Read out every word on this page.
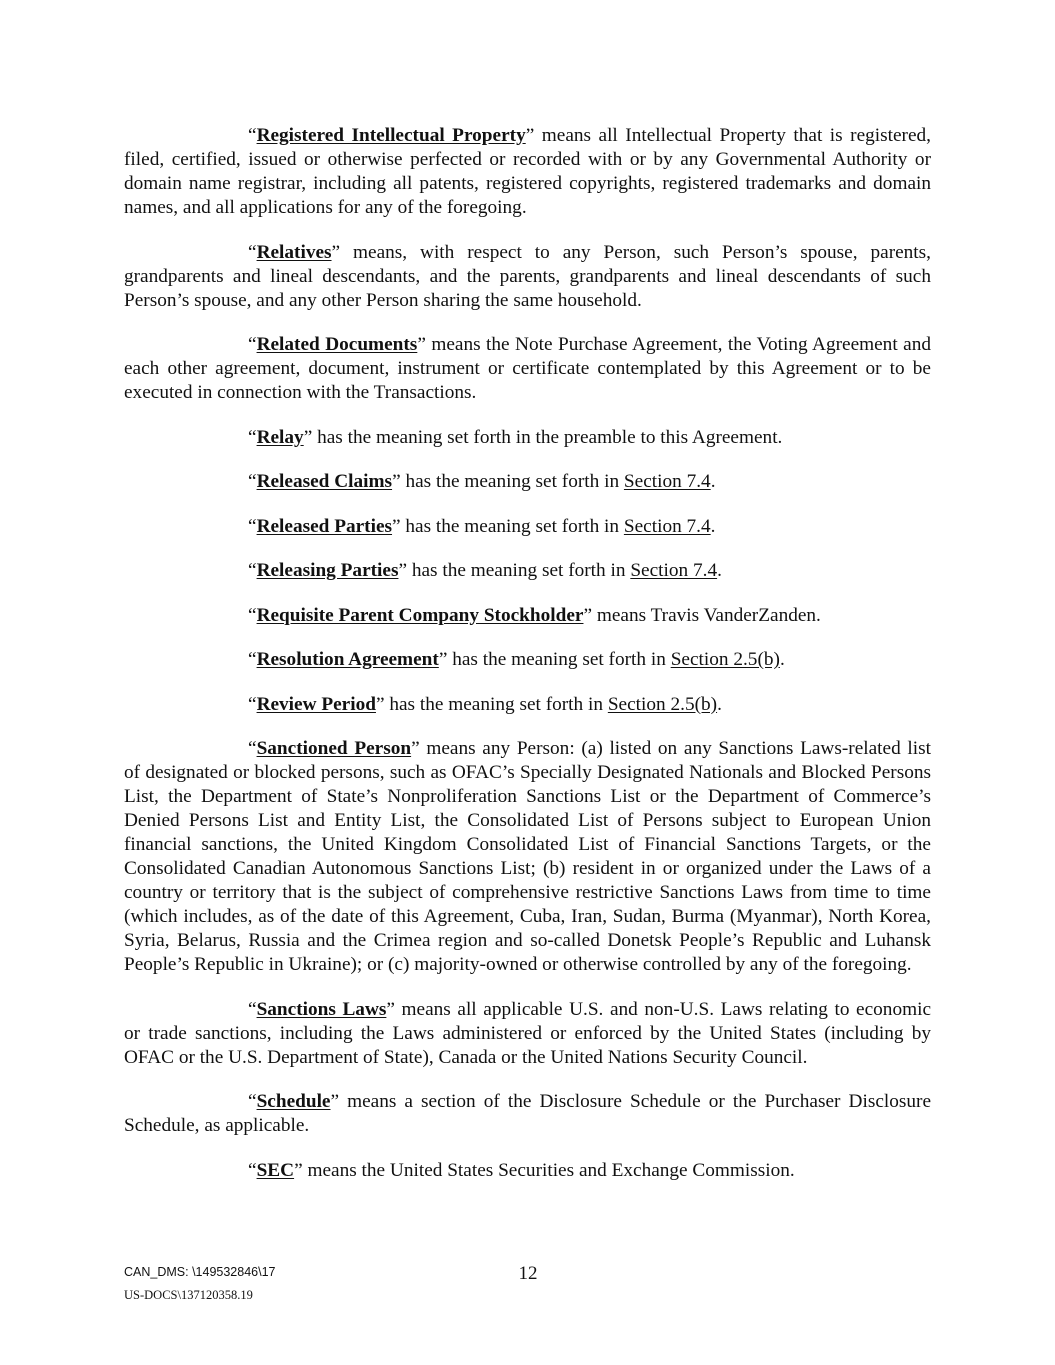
“Registered Intellectual Property” means all Intellectual Property that is registered, filed, certified, issued or otherwise perfected or recorded with or by any Governmental Authority or domain name registrar, including all patents, registered copyrights, registered trademarks and domain names, and all applications for any of the foregoing.

“Relatives” means, with respect to any Person, such Person’s spouse, parents, grandparents and lineal descendants, and the parents, grandparents and lineal descendants of such Person’s spouse, and any other Person sharing the same household.

“Related Documents” means the Note Purchase Agreement, the Voting Agreement and each other agreement, document, instrument or certificate contemplated by this Agreement or to be executed in connection with the Transactions.

“Relay” has the meaning set forth in the preamble to this Agreement.

“Released Claims” has the meaning set forth in Section 7.4.

“Released Parties” has the meaning set forth in Section 7.4.

“Releasing Parties” has the meaning set forth in Section 7.4.

“Requisite Parent Company Stockholder” means Travis VanderZanden.

“Resolution Agreement” has the meaning set forth in Section 2.5(b).

“Review Period” has the meaning set forth in Section 2.5(b).

“Sanctioned Person” means any Person: (a) listed on any Sanctions Laws-related list of designated or blocked persons, such as OFAC’s Specially Designated Nationals and Blocked Persons List, the Department of State’s Nonproliferation Sanctions List or the Department of Commerce’s Denied Persons List and Entity List, the Consolidated List of Persons subject to European Union financial sanctions, the United Kingdom Consolidated List of Financial Sanctions Targets, or the Consolidated Canadian Autonomous Sanctions List; (b) resident in or organized under the Laws of a country or territory that is the subject of comprehensive restrictive Sanctions Laws from time to time (which includes, as of the date of this Agreement, Cuba, Iran, Sudan, Burma (Myanmar), North Korea, Syria, Belarus, Russia and the Crimea region and so-called Donetsk People’s Republic and Luhansk People’s Republic in Ukraine); or (c) majority-owned or otherwise controlled by any of the foregoing.

“Sanctions Laws” means all applicable U.S. and non-U.S. Laws relating to economic or trade sanctions, including the Laws administered or enforced by the United States (including by OFAC or the U.S. Department of State), Canada or the United Nations Security Council.

“Schedule” means a section of the Disclosure Schedule or the Purchaser Disclosure Schedule, as applicable.

“SEC” means the United States Securities and Exchange Commission.

CAN_DMS: \149532846\17	12
US-DOCS\137120358.19
